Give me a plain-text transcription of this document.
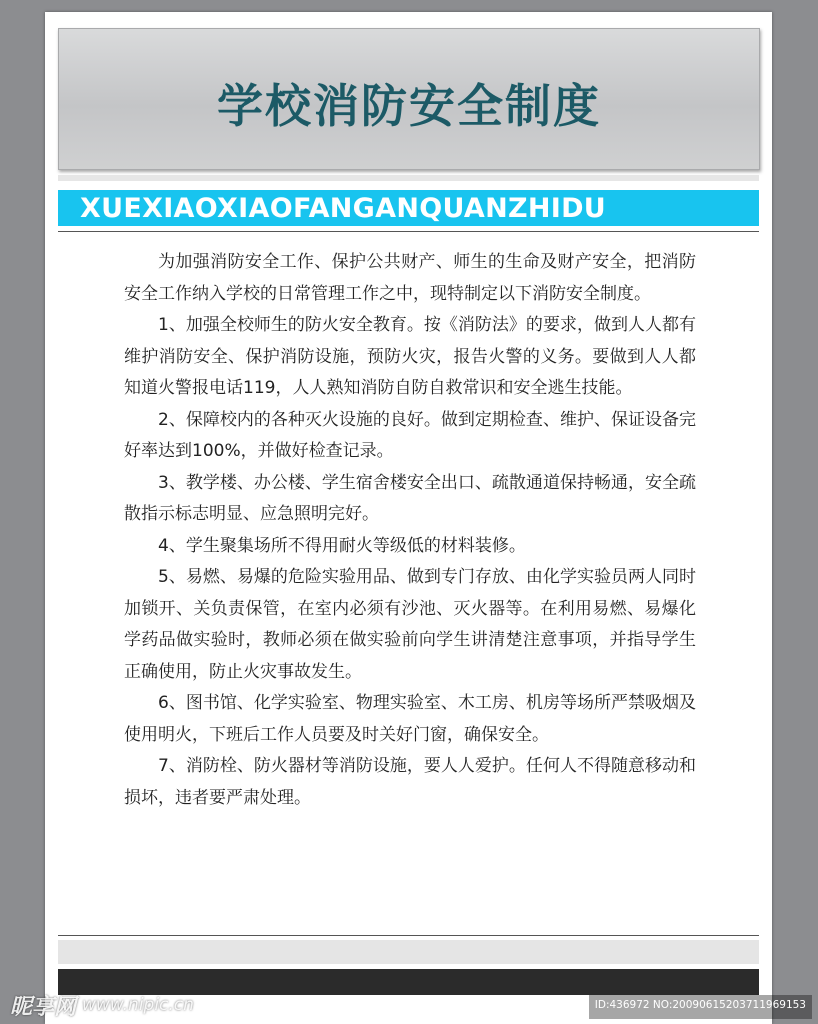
学校消防安全制度
XUEXIAOXIAOFANGANQUANZHIDU

为加强消防安全工作、保护公共财产、师生的生命及财产安全，把消防安全工作纳入学校的日常管理工作之中，现特制定以下消防安全制度。

1、加强全校师生的防火安全教育。按《消防法》的要求，做到人人都有维护消防安全、保护消防设施，预防火灾，报告火警的义务。要做到人人都知道火警报电话119，人人熟知消防自防自救常识和安全逃生技能。

2、保障校内的各种灭火设施的良好。做到定期检查、维护、保证设备完好率达到100%，并做好检查记录。

3、教学楼、办公楼、学生宿舍楼安全出口、疏散通道保持畅通，安全疏散指示标志明显、应急照明完好。

4、学生聚集场所不得用耐火等级低的材料装修。

5、易燃、易爆的危险实验用品、做到专门存放、由化学实验员两人同时加锁开、关负责保管，在室内必须有沙池、灭火器等。在利用易燃、易爆化学药品做实验时，教师必须在做实验前向学生讲清楚注意事项，并指导学生正确使用，防止火灾事故发生。

6、图书馆、化学实验室、物理实验室、木工房、机房等场所严禁吸烟及使用明火，下班后工作人员要及时关好门窗，确保安全。

7、消防栓、防火器材等消防设施，要人人爱护。任何人不得随意移动和损坏，违者要严肃处理。

昵享网 www.nipic.cn	ID:436972 NO:20090615203711969153
